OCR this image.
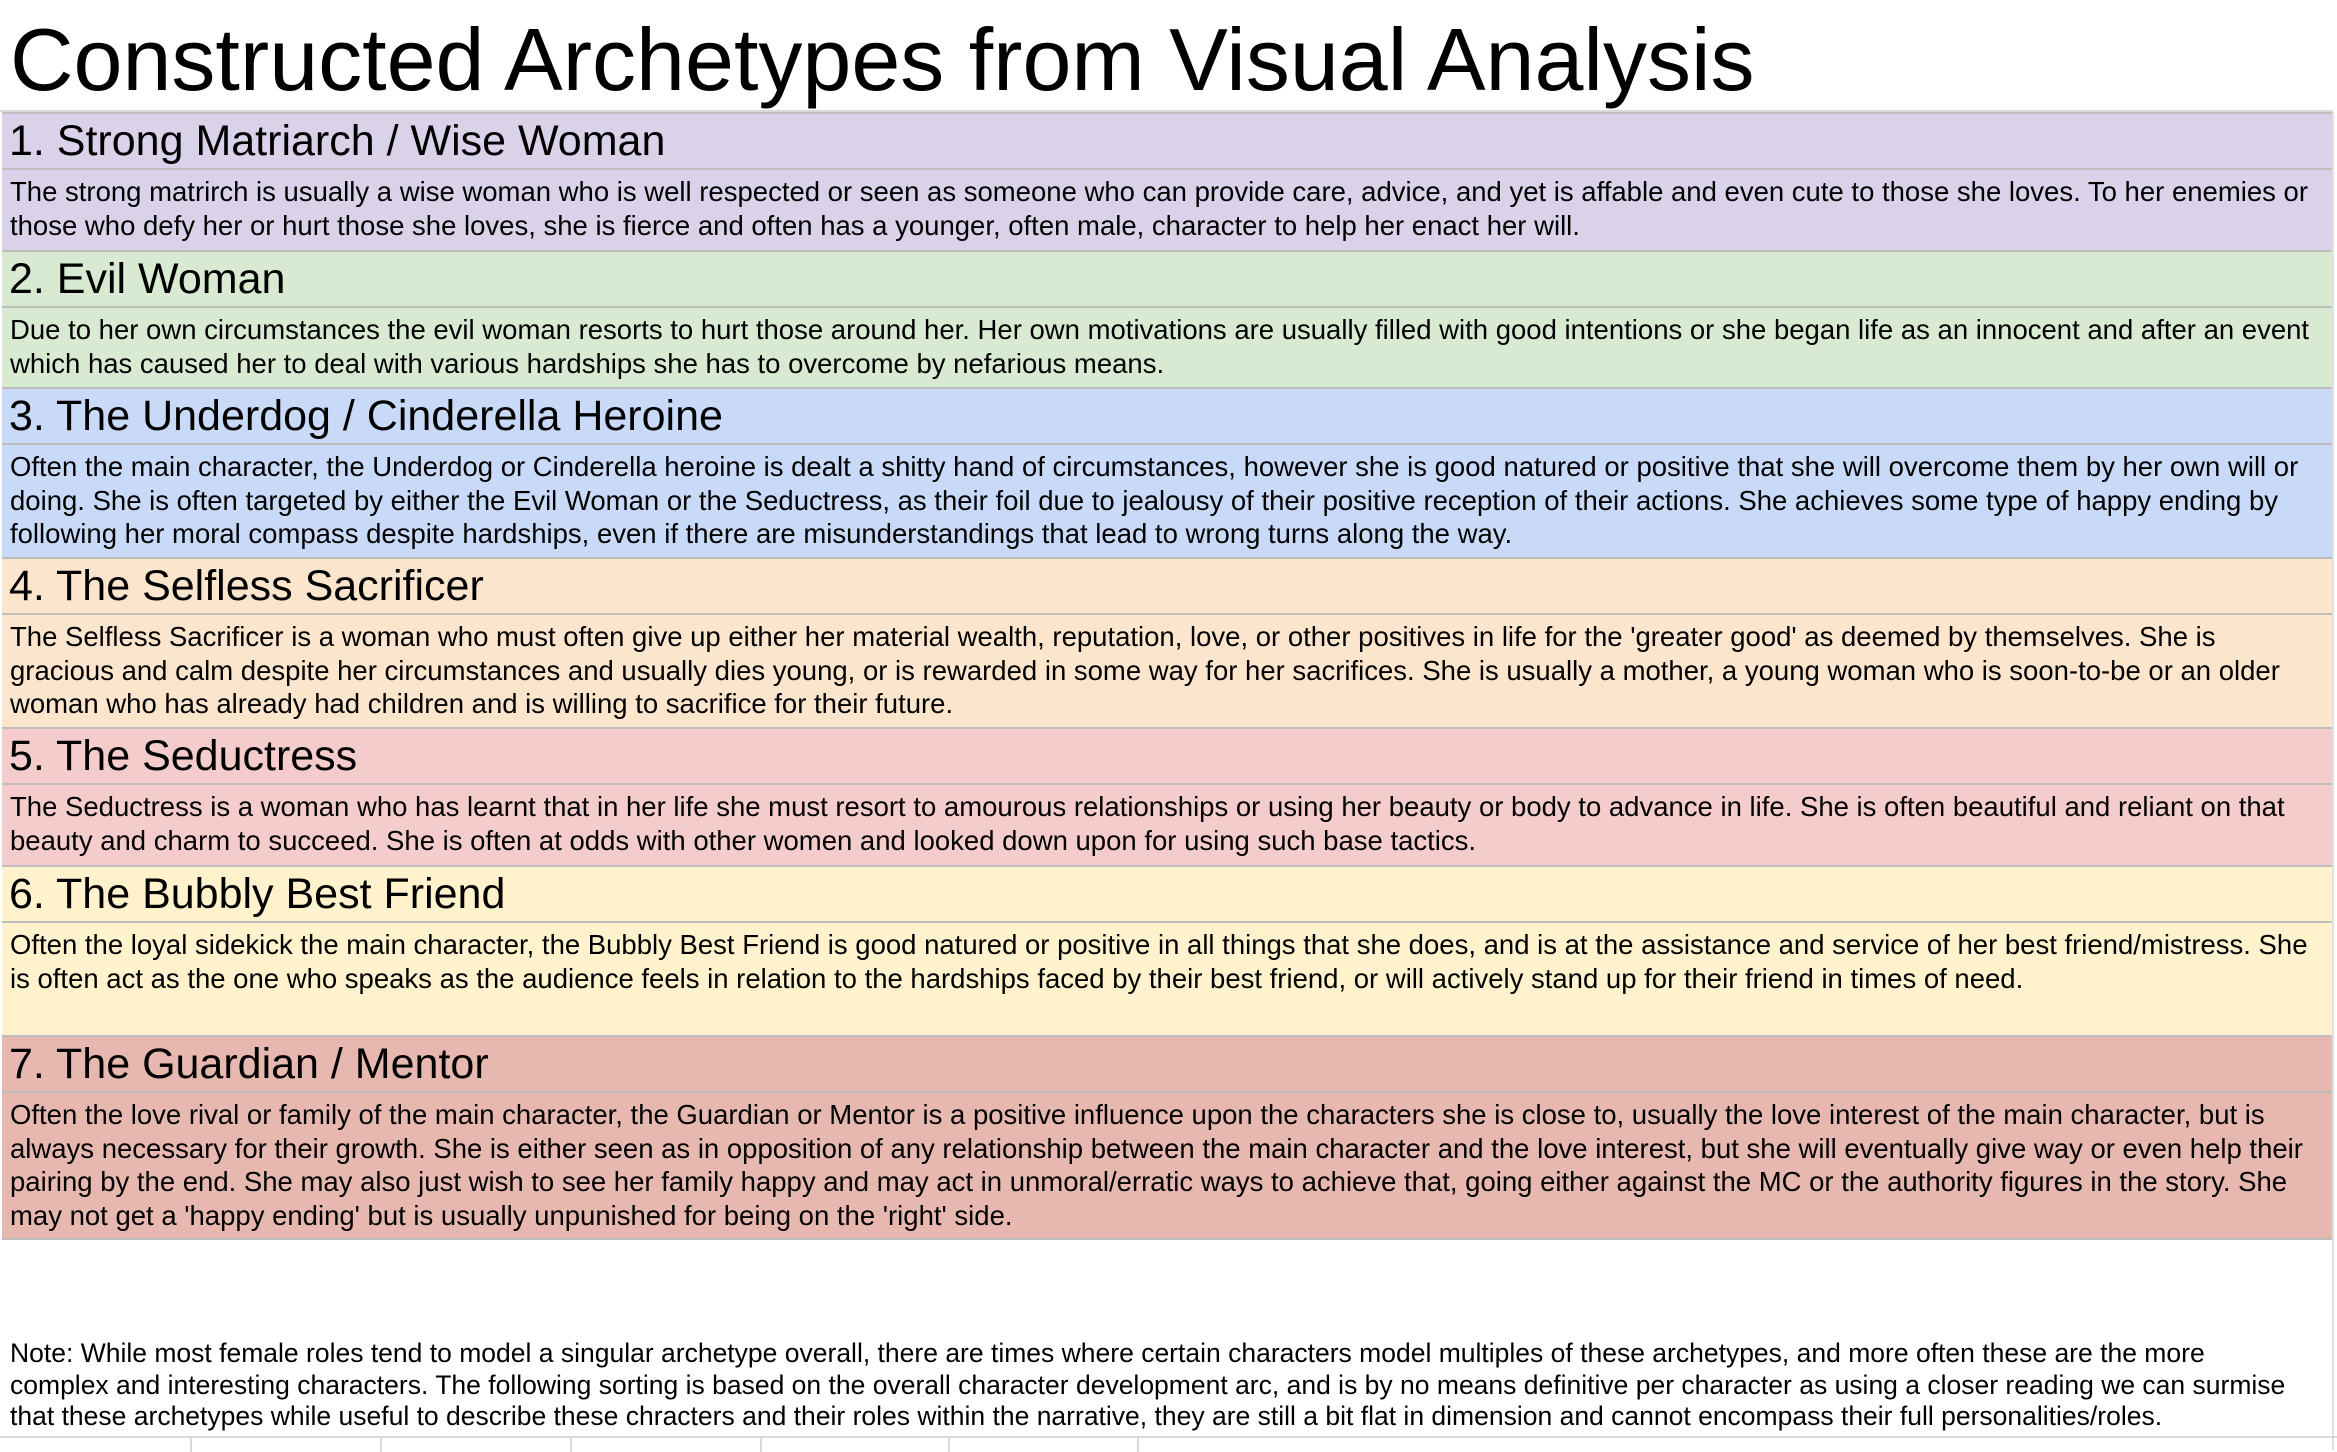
Constructed Archetypes from Visual Analysis
1. Strong Matriarch / Wise Woman
The strong matrirch is usually a wise woman who is well respected or seen as someone who can provide care, advice, and yet is affable and even cute to those she loves. To her enemies or those who defy her or hurt those she loves, she is fierce and often has a younger, often male, character to help her enact her will.
2. Evil Woman
Due to her own circumstances the evil woman resorts to hurt those around her. Her own motivations are usually filled with good intentions or she began life as an innocent and after an event which has caused her to deal with various hardships she has to overcome by nefarious means.
3. The Underdog / Cinderella Heroine
Often the main character, the Underdog or Cinderella heroine is dealt a shitty hand of circumstances, however she is good natured or positive that she will overcome them by her own will or doing. She is often targeted by either the Evil Woman or the Seductress, as their foil due to jealousy of their positive reception of their actions. She achieves some type of happy ending by following her moral compass despite hardships, even if there are misunderstandings that lead to wrong turns along the way.
4. The Selfless Sacrificer
The Selfless Sacrificer is a woman who must often give up either her material wealth, reputation, love, or other positives in life for the 'greater good' as deemed by themselves. She is gracious and calm despite her circumstances and usually dies young, or is rewarded in some way for her sacrifices. She is usually a mother, a young woman who is soon-to-be or an older woman who has already had children and is willing to sacrifice for their future.
5. The Seductress
The Seductress is a woman who has learnt that in her life she must resort to amourous relationships or using her beauty or body to advance in life. She is often beautiful and reliant on that beauty and charm to succeed. She is often at odds with other women and looked down upon for using such base tactics.
6. The Bubbly Best Friend
Often the loyal sidekick the main character, the Bubbly Best Friend is good natured or positive in all things that she does, and is at the assistance and service of her best friend/mistress. She is often act as the one who speaks as the audience feels in relation to the hardships faced by their best friend, or will actively stand up for their friend in times of need.
7. The Guardian / Mentor
Often the love rival or family of the main character, the Guardian or Mentor is a positive influence upon the characters she is close to, usually the love interest of the main character, but is always necessary for their growth. She is either seen as in opposition of any relationship between the main character and the love interest, but she will eventually give way or even help their pairing by the end. She may also just wish to see her family happy and may act in unmoral/erratic ways to achieve that, going either against the MC or the authority figures in the story. She may not get a 'happy ending' but is usually unpunished for being on the 'right' side.
Note: While most female roles tend to model a singular archetype overall, there are times where certain characters model multiples of these archetypes, and more often these are the more complex and interesting characters. The following sorting is based on the overall character development arc, and is by no means definitive per character as using a closer reading we can surmise that these archetypes while useful to describe these chracters and their roles within the narrative, they are still a bit flat in dimension and cannot encompass their full personalities/roles.
